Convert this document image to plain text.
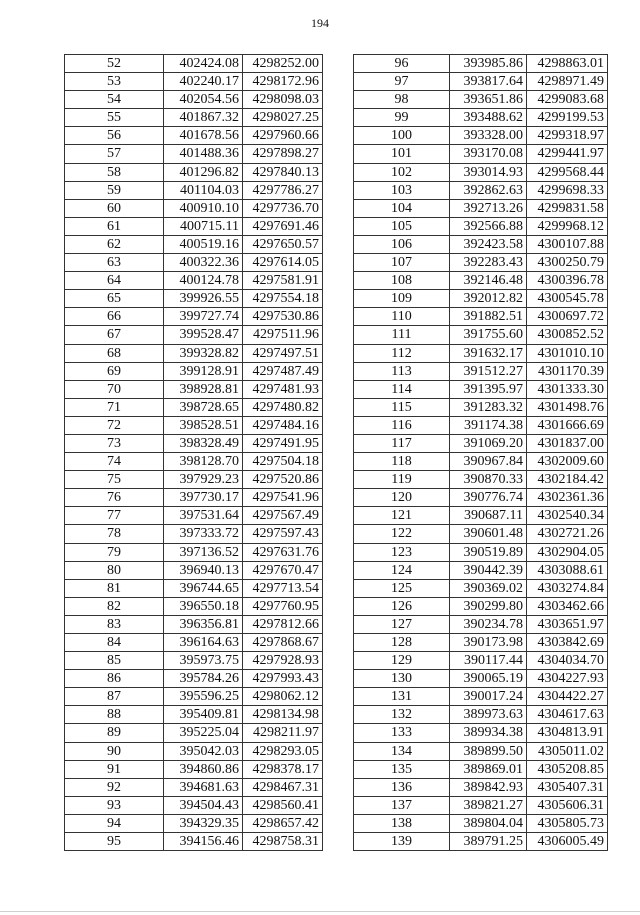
194
52	402424.08	4298252.00
53	402240.17	4298172.96
54	402054.56	4298098.03
55	401867.32	4298027.25
56	401678.56	4297960.66
57	401488.36	4297898.27
58	401296.82	4297840.13
59	401104.03	4297786.27
60	400910.10	4297736.70
61	400715.11	4297691.46
62	400519.16	4297650.57
63	400322.36	4297614.05
64	400124.78	4297581.91
65	399926.55	4297554.18
66	399727.74	4297530.86
67	399528.47	4297511.96
68	399328.82	4297497.51
69	399128.91	4297487.49
70	398928.81	4297481.93
71	398728.65	4297480.82
72	398528.51	4297484.16
73	398328.49	4297491.95
74	398128.70	4297504.18
75	397929.23	4297520.86
76	397730.17	4297541.96
77	397531.64	4297567.49
78	397333.72	4297597.43
79	397136.52	4297631.76
80	396940.13	4297670.47
81	396744.65	4297713.54
82	396550.18	4297760.95
83	396356.81	4297812.66
84	396164.63	4297868.67
85	395973.75	4297928.93
86	395784.26	4297993.43
87	395596.25	4298062.12
88	395409.81	4298134.98
89	395225.04	4298211.97
90	395042.03	4298293.05
91	394860.86	4298378.17
92	394681.63	4298467.31
93	394504.43	4298560.41
94	394329.35	4298657.42
95	394156.46	4298758.31
96	393985.86	4298863.01
97	393817.64	4298971.49
98	393651.86	4299083.68
99	393488.62	4299199.53
100	393328.00	4299318.97
101	393170.08	4299441.97
102	393014.93	4299568.44
103	392862.63	4299698.33
104	392713.26	4299831.58
105	392566.88	4299968.12
106	392423.58	4300107.88
107	392283.43	4300250.79
108	392146.48	4300396.78
109	392012.82	4300545.78
110	391882.51	4300697.72
111	391755.60	4300852.52
112	391632.17	4301010.10
113	391512.27	4301170.39
114	391395.97	4301333.30
115	391283.32	4301498.76
116	391174.38	4301666.69
117	391069.20	4301837.00
118	390967.84	4302009.60
119	390870.33	4302184.42
120	390776.74	4302361.36
121	390687.11	4302540.34
122	390601.48	4302721.26
123	390519.89	4302904.05
124	390442.39	4303088.61
125	390369.02	4303274.84
126	390299.80	4303462.66
127	390234.78	4303651.97
128	390173.98	4303842.69
129	390117.44	4304034.70
130	390065.19	4304227.93
131	390017.24	4304422.27
132	389973.63	4304617.63
133	389934.38	4304813.91
134	389899.50	4305011.02
135	389869.01	4305208.85
136	389842.93	4305407.31
137	389821.27	4305606.31
138	389804.04	4305805.73
139	389791.25	4306005.49
